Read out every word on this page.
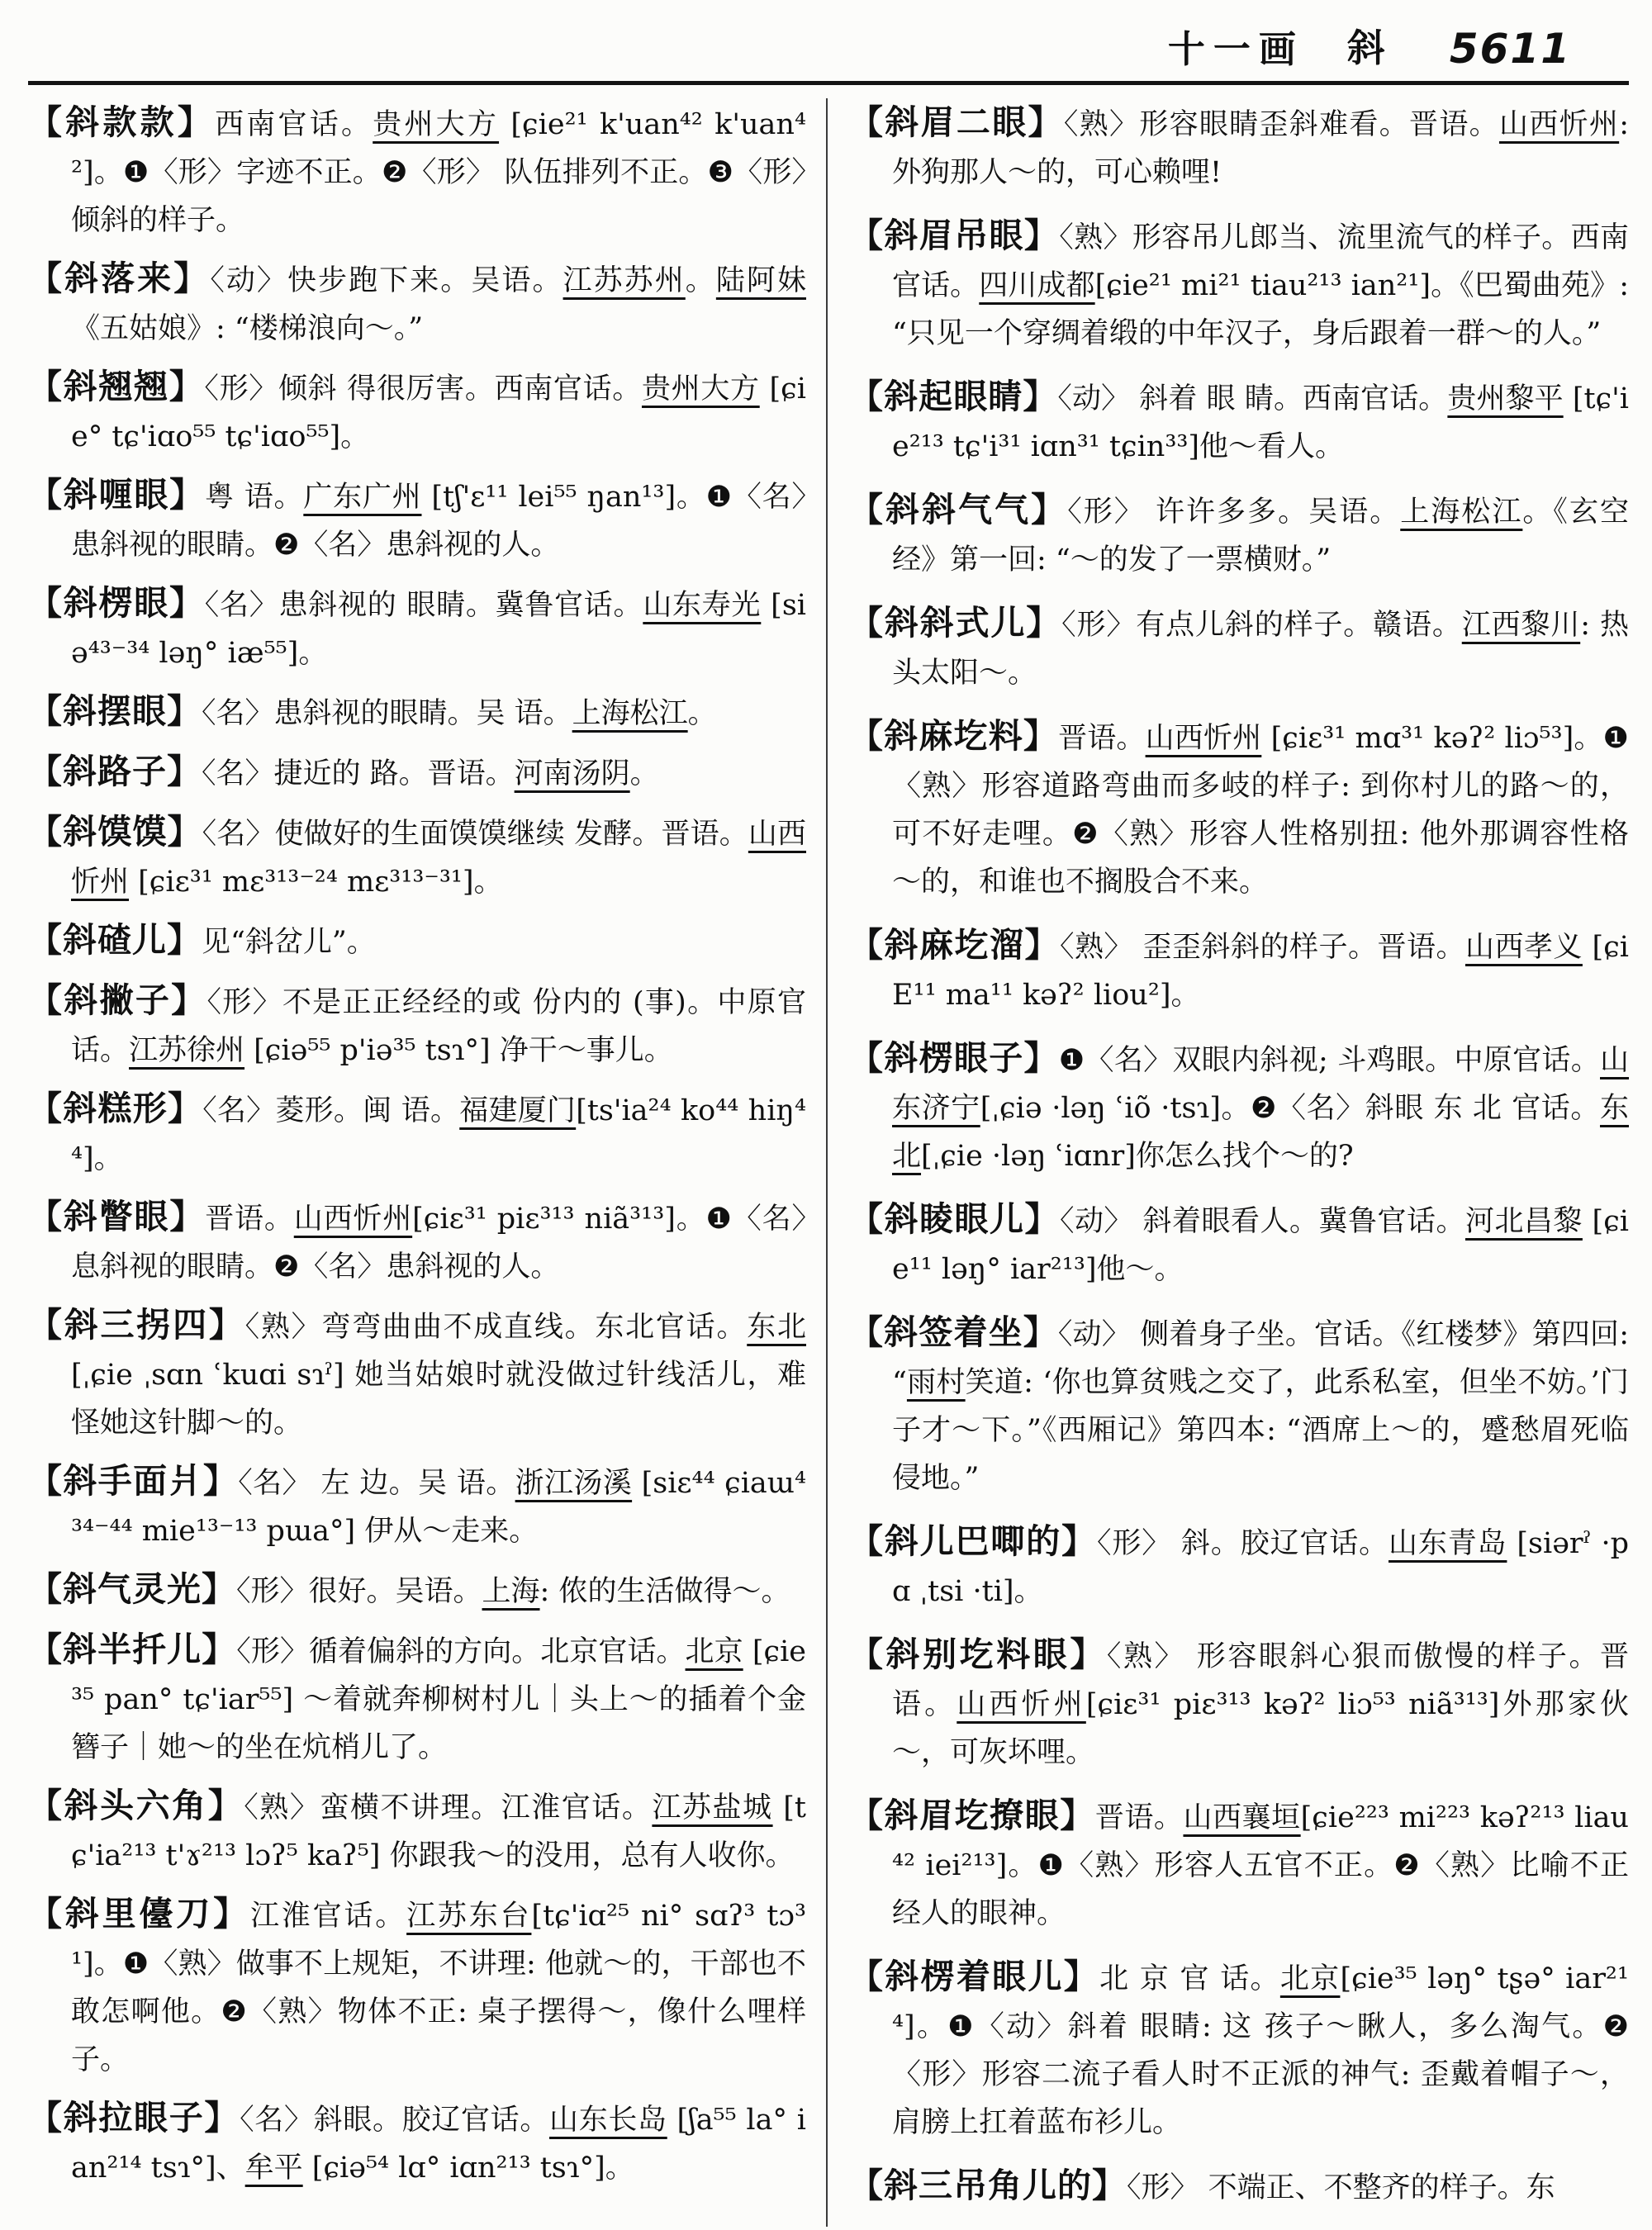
十一画 斜 5611

【斜款款】西南官话。贵州大方 [ɕie²¹ k'uan⁴² k'uan⁴²]。❶〈形〉字迹不正。❷〈形〉 队伍排列不正。❸〈形〉倾斜的样子。

【斜落来】〈动〉快步跑下来。吴语。江苏苏州。陆阿妹《五姑娘》: “楼梯浪向～。”

【斜翘翘】〈形〉倾斜 得很厉害。西南官话。贵州大方 [ɕie° tɕ'iɑo⁵⁵ tɕ'iɑo⁵⁵]。

【斜喱眼】粤 语。广东广州 [tʃ'ɛ¹¹ lei⁵⁵ ŋan¹³]。❶〈名〉患斜视的眼睛。❷〈名〉患斜视的人。

【斜楞眼】〈名〉患斜视的 眼睛。冀鲁官话。山东寿光 [siə⁴³⁻³⁴ ləŋ° iæ⁵⁵]。

【斜摆眼】〈名〉患斜视的眼睛。吴 语。上海松江。

【斜路子】〈名〉捷近的 路。晋语。河南汤阴。

【斜馍馍】〈名〉使做好的生面馍馍继续 发酵。晋语。山西忻州 [ɕiɛ³¹ mɛ³¹³⁻²⁴ mɛ³¹³⁻³¹]。

【斜碴儿】见“斜岔儿”。

【斜撇子】〈形〉不是正正经经的或 份内的 (事)。中原官话。江苏徐州 [ɕiə⁵⁵ p'iə³⁵ tsɿ°] 净干～事儿。

【斜糕形】〈名〉菱形。闽 语。福建厦门[ts'ia²⁴ ko⁴⁴ hiŋ⁴⁴]。

【斜瞥眼】晋语。山西忻州[ɕiɛ³¹ piɛ³¹³ niã³¹³]。❶〈名〉息斜视的眼睛。❷〈名〉患斜视的人。

【斜三拐四】〈熟〉弯弯曲曲不成直线。东北官话。东北 [ˌɕie ˌsɑn ʿkuɑi sɿˀ] 她当姑娘时就没做过针线活儿，难怪她这针脚～的。

【斜手面爿】〈名〉 左 边。吴 语。浙江汤溪 [siɛ⁴⁴ ɕiaɯ⁴³⁴⁻⁴⁴ mie¹³⁻¹³ pɯa°] 伊从～走来。

【斜气灵光】〈形〉很好。吴语。上海: 侬的生活做得～。

【斜半扦儿】〈形〉循着偏斜的方向。北京官话。北京 [ɕie³⁵ pan° tɕ'iar⁵⁵] ～着就奔柳树村儿｜头上～的插着个金簪子｜她～的坐在炕梢儿了。

【斜头六角】〈熟〉蛮横不讲理。江淮官话。江苏盐城 [tɕ'ia²¹³ t'ɤ²¹³ lɔʔ⁵ kaʔ⁵] 你跟我～的没用，总有人收你。

【斜里儓刀】江淮官话。江苏东台[tɕ'iɑ²⁵ ni° sɑʔ³ tɔ³¹]。❶〈熟〉做事不上规矩，不讲理: 他就～的，干部也不敢怎啊他。❷〈熟〉物体不正: 桌子摆得～，像什么哩样子。

【斜拉眼子】〈名〉斜眼。胶辽官话。山东长岛 [ʃa⁵⁵ la° ian²¹⁴ tsɿ°]、牟平 [ɕiə⁵⁴ lɑ° iɑn²¹³ tsɿ°]。

【斜眉二眼】〈熟〉形容眼睛歪斜难看。晋语。山西忻州: 外狗那人～的，可心赖哩!

【斜眉吊眼】〈熟〉形容吊儿郎当、流里流气的样子。西南官话。四川成都[ɕie²¹ mi²¹ tiau²¹³ ian²¹]。《巴蜀曲苑》: “只见一个穿绸着缎的中年汉子，身后跟着一群～的人。”

【斜起眼睛】〈动〉 斜着 眼 睛。西南官话。贵州黎平 [tɕ'ie²¹³ tɕ'i³¹ iɑn³¹ tɕin³³]他～看人。

【斜斜气气】〈形〉 许许多多。吴语。上海松江。《玄空经》第一回: “～的发了一票横财。”

【斜斜式儿】〈形〉有点儿斜的样子。赣语。江西黎川: 热头太阳～。

【斜麻圪料】晋语。山西忻州 [ɕiɛ³¹ mɑ³¹ kəʔ² liɔ⁵³]。❶〈熟〉形容道路弯曲而多岐的样子: 到你村儿的路～的，可不好走哩。❷〈熟〉形容人性格别扭: 他外那调容性格～的，和谁也不搁股合不来。

【斜麻圪溜】〈熟〉 歪歪斜斜的样子。晋语。山西孝义 [ɕiE¹¹ ma¹¹ kəʔ² liou²]。

【斜楞眼子】❶〈名〉双眼内斜视; 斗鸡眼。中原官话。山东济宁[ˌɕiə ·ləŋ ʿiõ ·tsɿ]。❷〈名〉斜眼 东 北 官话。东北[ˌɕie ·ləŋ ʿiɑnr]你怎么找个～的?

【斜睖眼儿】〈动〉 斜着眼看人。冀鲁官话。河北昌黎 [ɕie¹¹ ləŋ° iar²¹³]他～。

【斜签着坐】〈动〉 侧着身子坐。官话。《红楼梦》第四回: “雨村笑道: ‘你也算贫贱之交了，此系私室，但坐不妨。’门子才～下。”《西厢记》第四本: “酒席上～的，蹙愁眉死临侵地。”

【斜儿巴唧的】〈形〉 斜。胶辽官话。山东青岛 [siərˀ ·pɑ ˌtsi ·ti]。

【斜别圪料眼】〈熟〉 形容眼斜心狠而傲慢的样子。晋语。山西忻州[ɕiɛ³¹ piɛ³¹³ kəʔ² liɔ⁵³ niã³¹³]外那家伙～，可灰坏哩。

【斜眉圪撩眼】晋语。山西襄垣[ɕie²²³ mi²²³ kəʔ²¹³ liau⁴² iei²¹³]。❶〈熟〉形容人五官不正。❷〈熟〉比喻不正经人的眼神。

【斜楞着眼儿】北 京 官 话。北京[ɕie³⁵ ləŋ° tʂə° iar²¹⁴]。❶〈动〉斜着 眼睛: 这 孩子～瞅人，多么淘气。❷〈形〉形容二流子看人时不正派的神气: 歪戴着帽子～，肩膀上扛着蓝布衫儿。

【斜三吊角儿的】〈形〉 不端正、不整齐的样子。东
